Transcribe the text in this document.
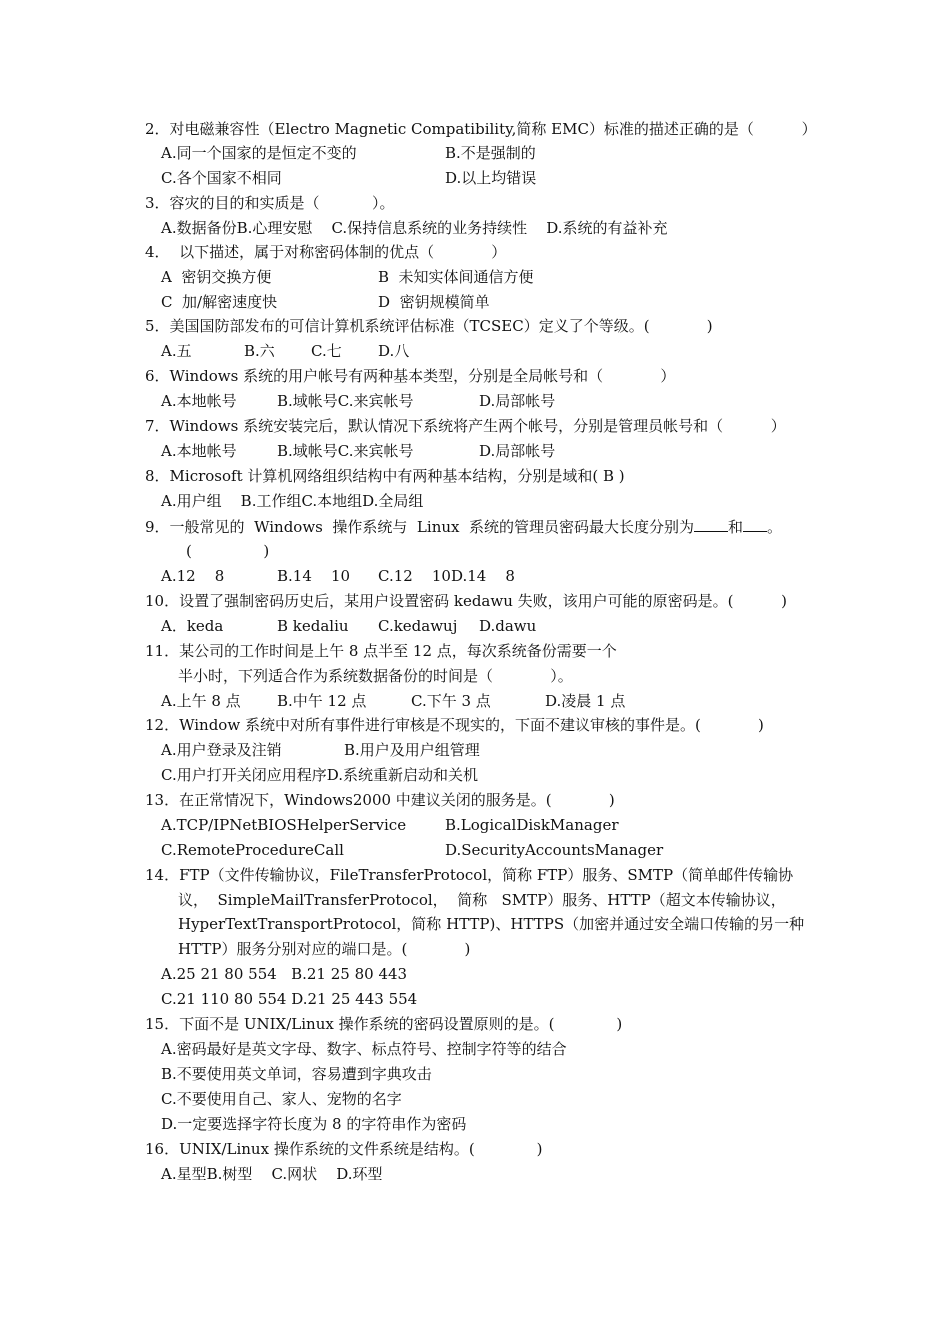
2．对电磁兼容性（Electro Magnetic Compatibility,简称 EMC）标准的描述正确的是（          ）
A.同一个国家的是恒定不变的	B.不是强制的
C.各个国家不相同	D.以上均错误
3．容灾的目的和实质是（           ）。
A.数据备份B.心理安慰    C.保持信息系统的业务持续性    D.系统的有益补充
4．  以下描述，属于对称密码体制的优点（            ）
A  密钥交换方便	B  未知实体间通信方便
C  加/解密速度快	D  密钥规模简单
5．美国国防部发布的可信计算机系统评估标准（TCSEC）定义了个等级。(            )
A.五	B.六 C.七 D.八
6．Windows 系统的用户帐号有两种基本类型，分别是全局帐号和（            ）
A.本地帐号	B.域帐号C.来宾帐号	D.局部帐号
7．Windows 系统安装完后，默认情况下系统将产生两个帐号，分别是管理员帐号和（          ）
A.本地帐号	B.域帐号C.来宾帐号	D.局部帐号
8．Microsoft 计算机网络组织结构中有两种基本结构，分别是域和( B )
A.用户组    B.工作组C.本地组D.全局组
9．一般常见的  Windows  操作系统与  Linux  系统的管理员密码最大长度分别为 和 。
(               )
A.12    8	B.14    10 C.12    10D.14    8
10．设置了强制密码历史后，某用户设置密码 kedawu 失败，该用户可能的原密码是。(          )
A．keda	B kedaliu C.kedawuj D.dawu
11．某公司的工作时间是上午 8 点半至 12 点，每次系统备份需要一个
半小时，下列适合作为系统数据备份的时间是（            ）。
A.上午 8 点 B.中午 12 点	C.下午 3 点	D.凌晨 1 点
12．Window 系统中对所有事件进行审核是不现实的，下面不建议审核的事件是。(            )
A.用户登录及注销	B.用户及用户组管理
C.用户打开关闭应用程序D.系统重新启动和关机
13．在正常情况下，Windows2000 中建议关闭的服务是。(            )
A.TCP/IPNetBIOSHelperService	B.LogicalDiskManager
C.RemoteProcedureCall	D.SecurityAccountsManager
14．FTP（文件传输协议，FileTransferProtocol，简称 FTP）服务、SMTP（简单邮件传输协
议，  SimpleMailTransferProtocol，  简称   SMTP）服务、HTTP（超文本传输协议，
HyperTextTransportProtocol，简称 HTTP)、HTTPS（加密并通过安全端口传输的另一种
HTTP）服务分别对应的端口是。(            )
A.25 21 80 554   B.21 25 80 443
C.21 110 80 554 D.21 25 443 554
15．下面不是 UNIX/Linux 操作系统的密码设置原则的是。(             )
A.密码最好是英文字母、数字、标点符号、控制字符等的结合
B.不要使用英文单词，容易遭到字典攻击
C.不要使用自己、家人、宠物的名字
D.一定要选择字符长度为 8 的字符串作为密码
16．UNIX/Linux 操作系统的文件系统是结构。(             )
A.星型B.树型    C.网状    D.环型
